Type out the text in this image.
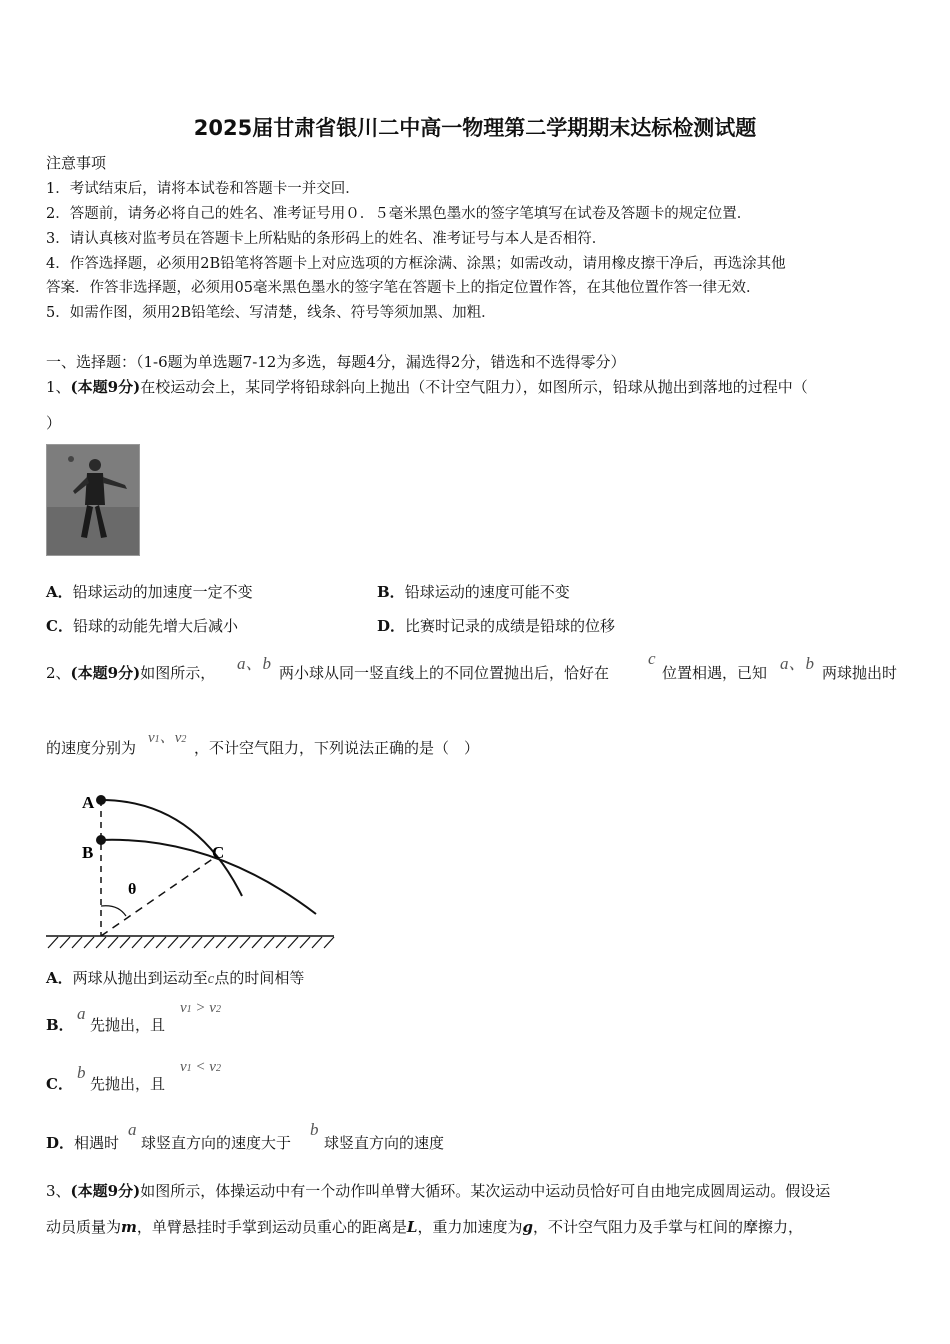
2025届甘肃省银川二中高一物理第二学期期末达标检测试题
注意事项
1．考试结束后，请将本试卷和答题卡一并交回．
2．答题前，请务必将自己的姓名、准考证号用０．５毫米黑色墨水的签字笔填写在试卷及答题卡的规定位置．
3．请认真核对监考员在答题卡上所粘贴的条形码上的姓名、准考证号与本人是否相符．
4．作答选择题，必须用2B铅笔将答题卡上对应选项的方框涂满、涂黑；如需改动，请用橡皮擦干净后，再选涂其他
答案．作答非选择题，必须用05毫米黑色墨水的签字笔在答题卡上的指定位置作答，在其他位置作答一律无效．
5．如需作图，须用2B铅笔绘、写清楚，线条、符号等须加黑、加粗．
一、选择题：（1-6题为单选题7-12为多选，每题4分，漏选得2分，错选和不选得零分）
1、(本题9分)在校运动会上，某同学将铅球斜向上抛出（不计空气阻力），如图所示，铅球从抛出到落地的过程中（
）
A．铅球运动的加速度一定不变	B．铅球运动的速度可能不变
C．铅球的动能先增大后减小	D．比赛时记录的成绩是铅球的位移
2、(本题9分)如图所示， a、b 两小球从同一竖直线上的不同位置抛出后，恰好在
c
位置相遇，已知 a、b 两球抛出时
的速度分别为
v1、v2 ，不计空气阻力，下列说法正确的是（　）
A
B	C
θ
A．两球从抛出到运动至c点的时间相等
B．
a
先抛出，且
v1 > v2
C．
b
先抛出，且
v1 < v2
D．相遇时
a
球竖直方向的速度大于
b
球竖直方向的速度
3、(本题9分)如图所示，体操运动中有一个动作叫单臂大循环。某次运动中运动员恰好可自由地完成圆周运动。假设运
动员质量为m，单臂悬挂时手掌到运动员重心的距离是L，重力加速度为g，不计空气阻力及手掌与杠间的摩擦力，
